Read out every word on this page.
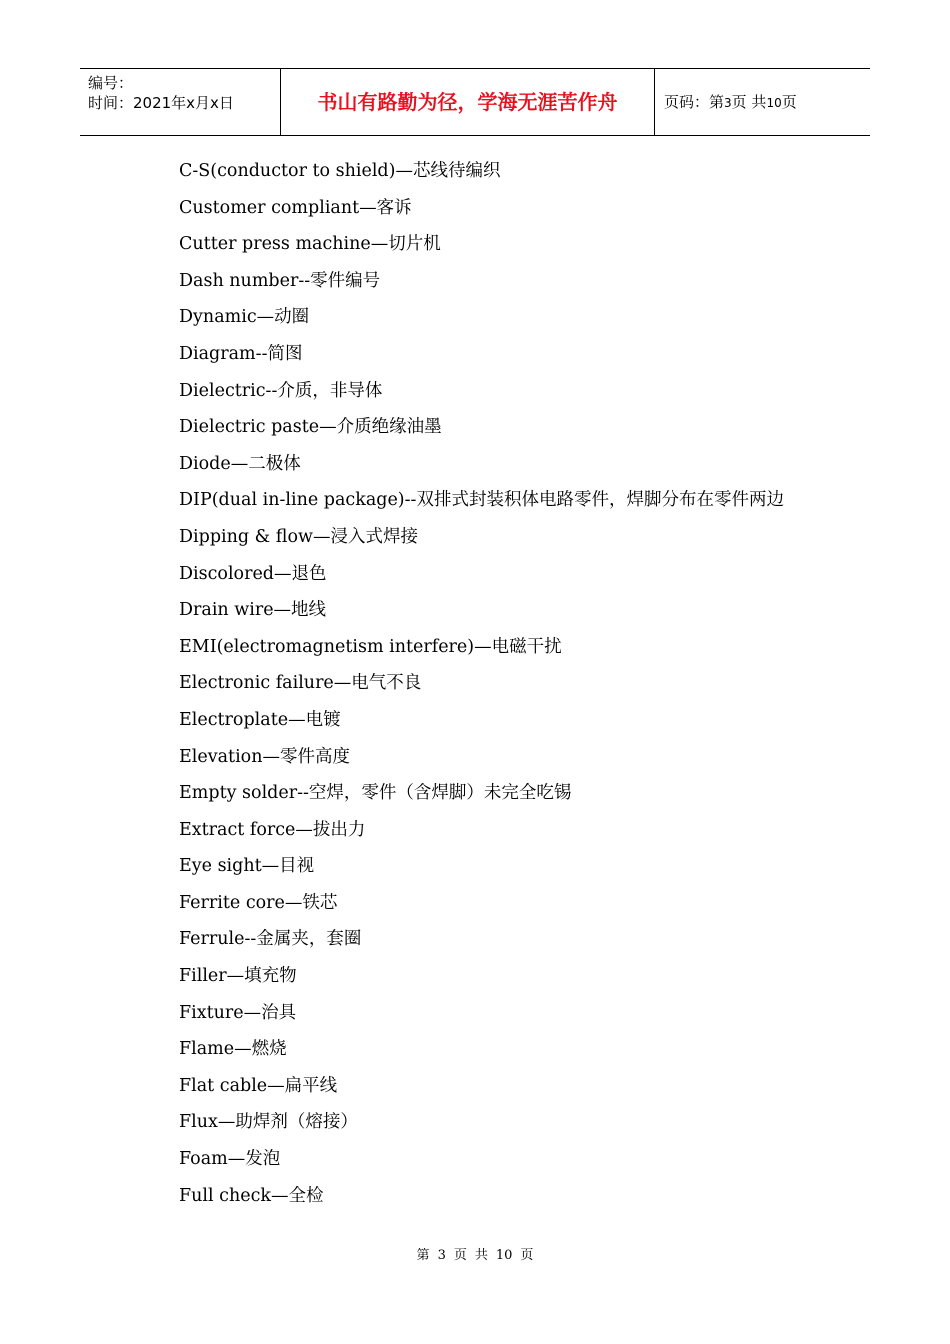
编号：
时间：2021年x月x日	书山有路勤为径，学海无涯苦作舟	页码：第3页 共10页
C-S(conductor to shield)—芯线待编织
Customer compliant—客诉
Cutter press machine—切片机
Dash number--零件编号
Dynamic—动圈
Diagram--简图
Dielectric--介质，非导体
Dielectric paste—介质绝缘油墨
Diode—二极体
DIP(dual in-line package)--双排式封装积体电路零件，焊脚分布在零件两边
Dipping & flow—浸入式焊接
Discolored—退色
Drain wire—地线
EMI(electromagnetism interfere)—电磁干扰
Electronic failure—电气不良
Electroplate—电镀
Elevation—零件高度
Empty solder--空焊，零件（含焊脚）未完全吃锡
Extract force—拔出力
Eye sight—目视
Ferrite core—铁芯
Ferrule--金属夹，套圈
Filler—填充物
Fixture—治具
Flame—燃烧
Flat cable—扁平线
Flux—助焊剂（熔接）
Foam—发泡
Full check—全检
第 3 页 共 10 页
